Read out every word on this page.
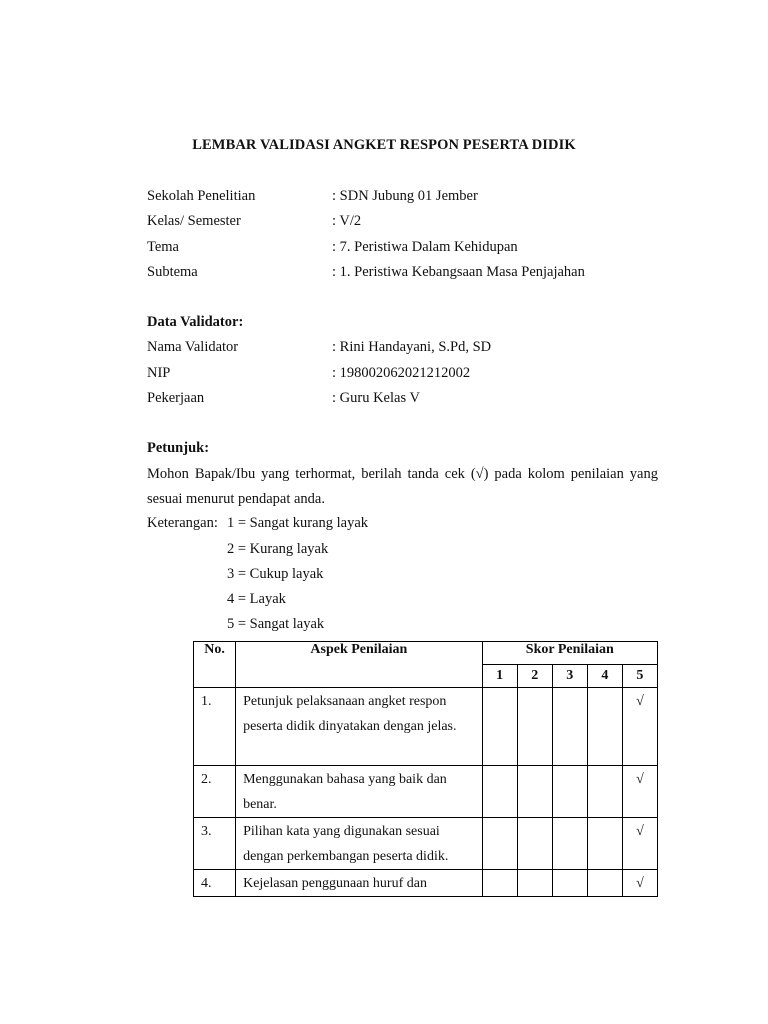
LEMBAR VALIDASI ANGKET RESPON PESERTA DIDIK
Sekolah Penelitian	: SDN Jubung 01 Jember
Kelas/ Semester	: V/2
Tema	: 7. Peristiwa Dalam Kehidupan
Subtema	: 1. Peristiwa Kebangsaan Masa Penjajahan
Data Validator:
Nama Validator	: Rini Handayani, S.Pd, SD
NIP	: 198002062021212002
Pekerjaan	: Guru Kelas V
Petunjuk:
Mohon Bapak/Ibu yang terhormat, berilah tanda cek (√) pada kolom penilaian yang sesuai menurut pendapat anda.
Keterangan: 1 = Sangat kurang layak
2 = Kurang layak
3 = Cukup layak
4 = Layak
5 = Sangat layak
No.	Aspek Penilaian	Skor Penilaian				
		1	2	3	4	5
1.	Petunjuk pelaksanaan angket respon peserta didik dinyatakan dengan jelas.					√
2.	Menggunakan bahasa yang baik dan benar.					√
3.	Pilihan kata yang digunakan sesuai dengan perkembangan peserta didik.					√
4.	Kejelasan penggunaan huruf dan					√
